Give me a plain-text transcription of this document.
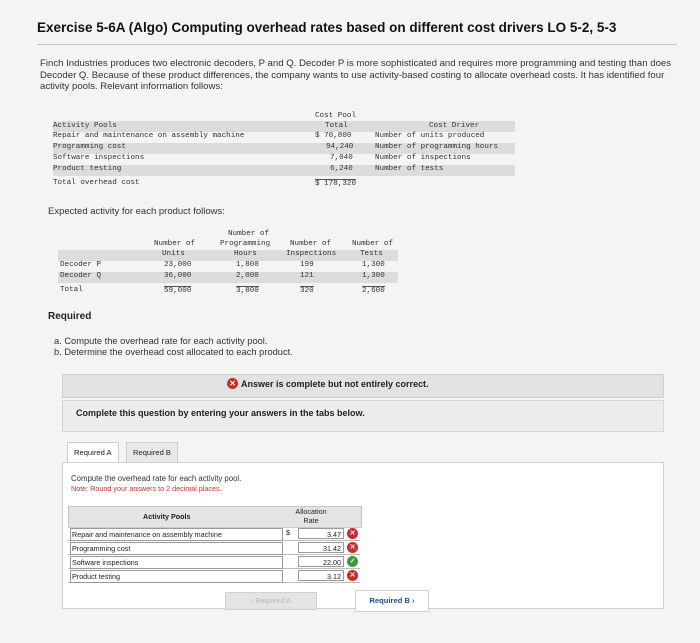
Exercise 5-6A (Algo) Computing overhead rates based on different cost drivers LO 5-2, 5-3
Finch Industries produces two electronic decoders, P and Q. Decoder P is more sophisticated and requires more programming and testing than does Decoder Q. Because of these product differences, the company wants to use activity-based costing to allocate overhead costs. It has identified four activity pools. Relevant information follows:
Activity Pools
Cost Pool
Total	Cost Driver
Repair and maintenance on assembly machine	$ 70,800	Number of units produced
Programming cost	94,240	Number of programming hours
Software inspections	7,040	Number of inspections
Product testing	6,240	Number of tests
Total overhead cost	$ 178,320
Expected activity for each product follows:
Number of
Units
Number of
Programming
Hours
Number of
Inspections
Number of
Tests
Decoder P	23,000	1,800	199	1,300
Decoder Q	36,000	2,000	121	1,300
Total	59,000	3,800	320	2,600
Required
a. Compute the overhead rate for each activity pool.
b. Determine the overhead cost allocated to each product.
✕ Answer is complete but not entirely correct.
Complete this question by entering your answers in the tabs below.
Required A	Required B
Compute the overhead rate for each activity pool.
Note: Round your answers to 2 decimal places.
Activity Pools
Allocation
Rate
Repair and maintenance on assembly machine	$	3.47	✕
Programming cost	31.42	✕
Software inspections	22.00	✓
Product testing	3.12	✕
‹ Required A	Required B ›
